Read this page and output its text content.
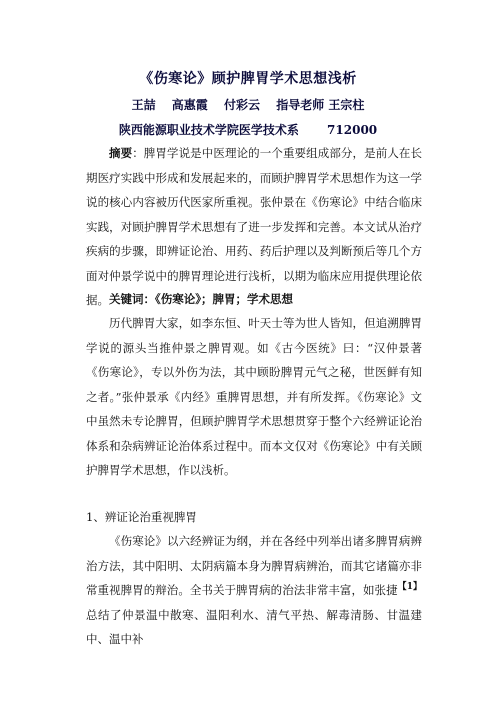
《伤寒论》顾护脾胃学术思想浅析
王喆 高惠霞 付彩云 指导老师 王宗柱
陕西能源职业技术学院医学技术系 712000
摘要：脾胃学说是中医理论的一个重要组成部分，是前人在长期医疗实践中形成和发展起来的，而顾护脾胃学术思想作为这一学说的核心内容被历代医家所重视。张仲景在《伤寒论》中结合临床实践，对顾护脾胃学术思想有了进一步发挥和完善。本文试从治疗疾病的步骤，即辨证论治、用药、药后护理以及判断预后等几个方面对仲景学说中的脾胃理论进行浅析，以期为临床应用提供理论依据。 关键词：《伤寒论》；脾胃；学术思想
历代脾胃大家，如李东恒、叶天士等为世人皆知，但追溯脾胃学说的源头当推仲景之脾胃观。如《古今医统》曰：“汉仲景著《伤寒论》，专以外伤为法，其中顾盼脾胃元气之秘，世医鲜有知之者。”张仲景承《内经》重脾胃思想，并有所发挥。《伤寒论》文中虽然未专论脾胃，但顾护脾胃学术思想贯穿于整个六经辨证论治体系和杂病辨证论治体系过程中。而本文仅对《伤寒论》中有关顾护脾胃学术思想，作以浅析。
1、辨证论治重视脾胃
《伤寒论》以六经辨证为纲，并在各经中列举出诸多脾胃病辨治方法，其中阳明、太阴病篇本身为脾胃病辨治，而其它诸篇亦非常重视脾胃的辩治。全书关于脾胃病的治法非常丰富，如张捷$^{【1】}$总结了仲景温中散寒、温阳利水、清气平热、解毒清肠、甘温建中、温中补
